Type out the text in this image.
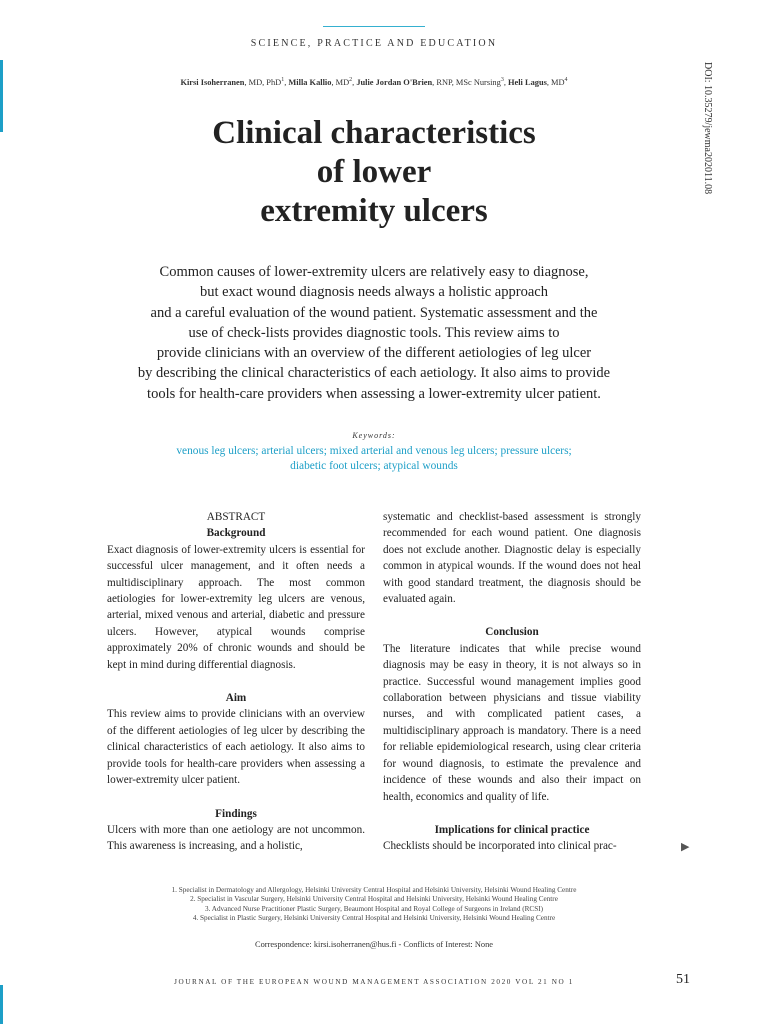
SCIENCE, PRACTICE AND EDUCATION
Kirsi Isoherranen, MD, PhD$^1$, Milla Kallio, $MD^2$, Julie Jordan O'Brien, RNP, MSc Nursing$^3$, Heli Lagus, $MD^4$	DOI: 10.35279/jewma202011.08
Clinical characteristics
of lower
extremity ulcers
Common causes of lower-extremity ulcers are relatively easy to diagnose,
but exact wound diagnosis needs always a holistic approach
and a careful evaluation of the wound patient. Systematic assessment and the
use of check-lists provides diagnostic tools. This review aims to
provide clinicians with an overview of the different aetiologies of leg ulcer
by describing the clinical characteristics of each aetiology. It also aims to provide
tools for health-care providers when assessing a lower-extremity ulcer patient.
Keywords:
venous leg ulcers; arterial ulcers; mixed arterial and venous leg ulcers; pressure ulcers;
diabetic foot ulcers; atypical wounds
ABSTRACT
Background

Exact diagnosis of lower-extremity ulcers is essential for successful ulcer management, and it often needs a multidisciplinary approach. The most common aetiologies for lower-extremity leg ulcers are venous, arterial, mixed venous and arterial, diabetic and pressure ulcers. However, atypical wounds comprise approximately 20% of chronic wounds and should be kept in mind during differential diagnosis.

Aim

This review aims to provide clinicians with an overview of the different aetiologies of leg ulcer by describing the clinical characteristics of each aetiology. It also aims to provide tools for health-care providers when assessing a lower-extremity ulcer patient.

Findings

Ulcers with more than one aetiology are not uncommon. This awareness is increasing, and a holistic,

systematic and checklist-based assessment is strongly recommended for each wound patient. One diagnosis does not exclude another. Diagnostic delay is especially common in atypical wounds. If the wound does not heal with good standard treatment, the diagnosis should be evaluated again.

Conclusion

The literature indicates that while precise wound diagnosis may be easy in theory, it is not always so in practice. Successful wound management implies good collaboration between physicians and tissue viability nurses, and with complicated patient cases, a multidisciplinary approach is mandatory. There is a need for reliable epidemiological research, using clear criteria for wound diagnosis, to estimate the prevalence and incidence of these wounds and also their impact on health, economics and quality of life.

Implications for clinical practice

Checklists should be incorporated into clinical prac-	▶
1. Specialist in Dermatology and Allergology, Helsinki University Central Hospital and Helsinki University, Helsinki Wound Healing Centre
2. Specialist in Vascular Surgery, Helsinki University Central Hospital and Helsinki University, Helsinki Wound Healing Centre
3. Advanced Nurse Practitioner Plastic Surgery, Beaumont Hospital and Royal College of Surgeons in Ireland (RCSI)
4. Specialist in Plastic Surgery, Helsinki University Central Hospital and Helsinki University, Helsinki Wound Healing Centre
Correspondence: kirsi.isoherranen@hus.fi - Conflicts of Interest: None
JOURNAL OF THE EUROPEAN WOUND MANAGEMENT ASSOCIATION 2020 VOL 21 NO 1	51
